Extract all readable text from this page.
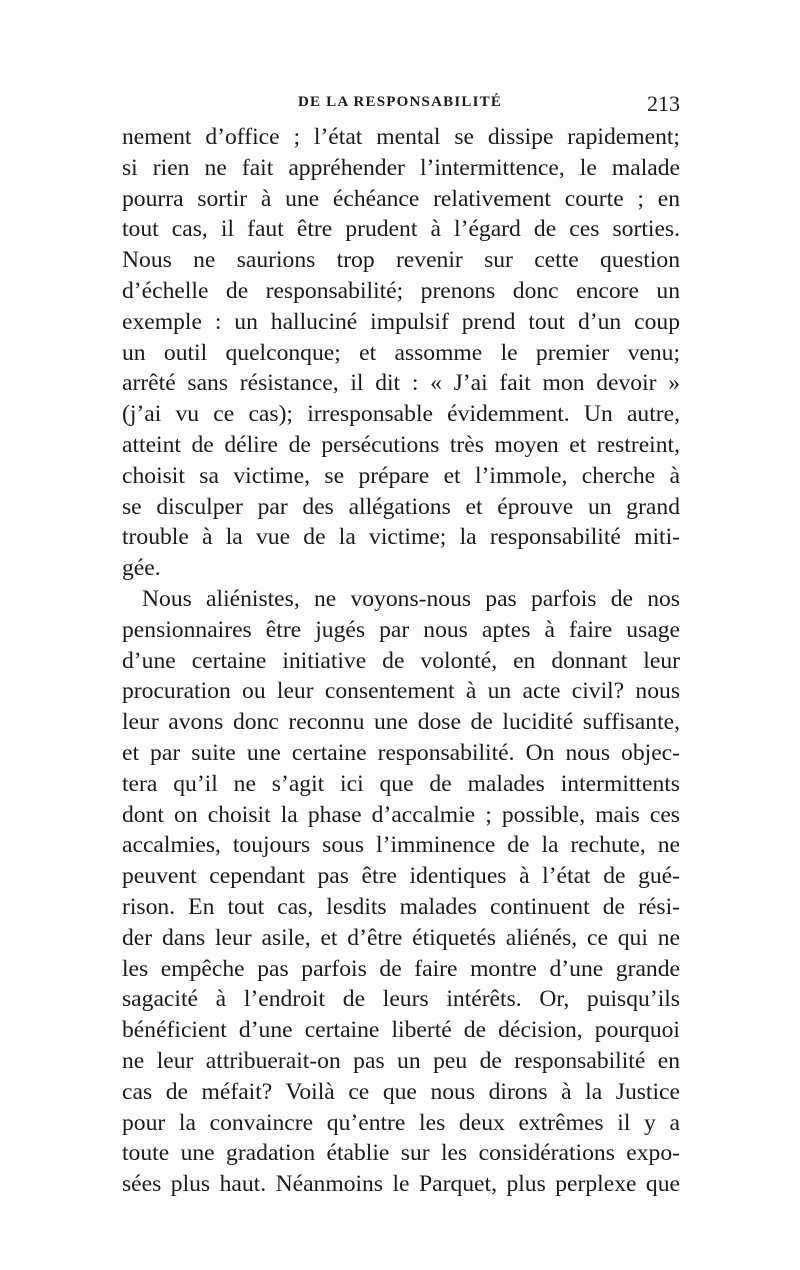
DE LA RESPONSABILITÉ	213
nement d’office ; l’état mental se dissipe rapidement;
si rien ne fait appréhender l’intermittence, le malade
pourra sortir à une échéance relativement courte ; en
tout cas, il faut être prudent à l’égard de ces sorties.
Nous ne saurions trop revenir sur cette question
d’échelle de responsabilité; prenons donc encore un
exemple : un halluciné impulsif prend tout d’un coup
un outil quelconque; et assomme le premier venu;
arrêté sans résistance, il dit : « J’ai fait mon devoir »
(j’ai vu ce cas); irresponsable évidemment. Un autre,
atteint de délire de persécutions très moyen et restreint,
choisit sa victime, se prépare et l’immole, cherche à
se disculper par des allégations et éprouve un grand
trouble à la vue de la victime; la responsabilité miti-
gée.
Nous aliénistes, ne voyons-nous pas parfois de nos
pensionnaires être jugés par nous aptes à faire usage
d’une certaine initiative de volonté, en donnant leur
procuration ou leur consentement à un acte civil? nous
leur avons donc reconnu une dose de lucidité suffisante,
et par suite une certaine responsabilité. On nous objec-
tera qu’il ne s’agit ici que de malades intermittents
dont on choisit la phase d’accalmie ; possible, mais ces
accalmies, toujours sous l’imminence de la rechute, ne
peuvent cependant pas être identiques à l’état de gué-
rison. En tout cas, lesdits malades continuent de rési-
der dans leur asile, et d’être étiquetés aliénés, ce qui ne
les empêche pas parfois de faire montre d’une grande
sagacité à l’endroit de leurs intérêts. Or, puisqu’ils
bénéficient d’une certaine liberté de décision, pourquoi
ne leur attribuerait-on pas un peu de responsabilité en
cas de méfait? Voilà ce que nous dirons à la Justice
pour la convaincre qu’entre les deux extrêmes il y a
toute une gradation établie sur les considérations expo-
sées plus haut. Néanmoins le Parquet, plus perplexe que
